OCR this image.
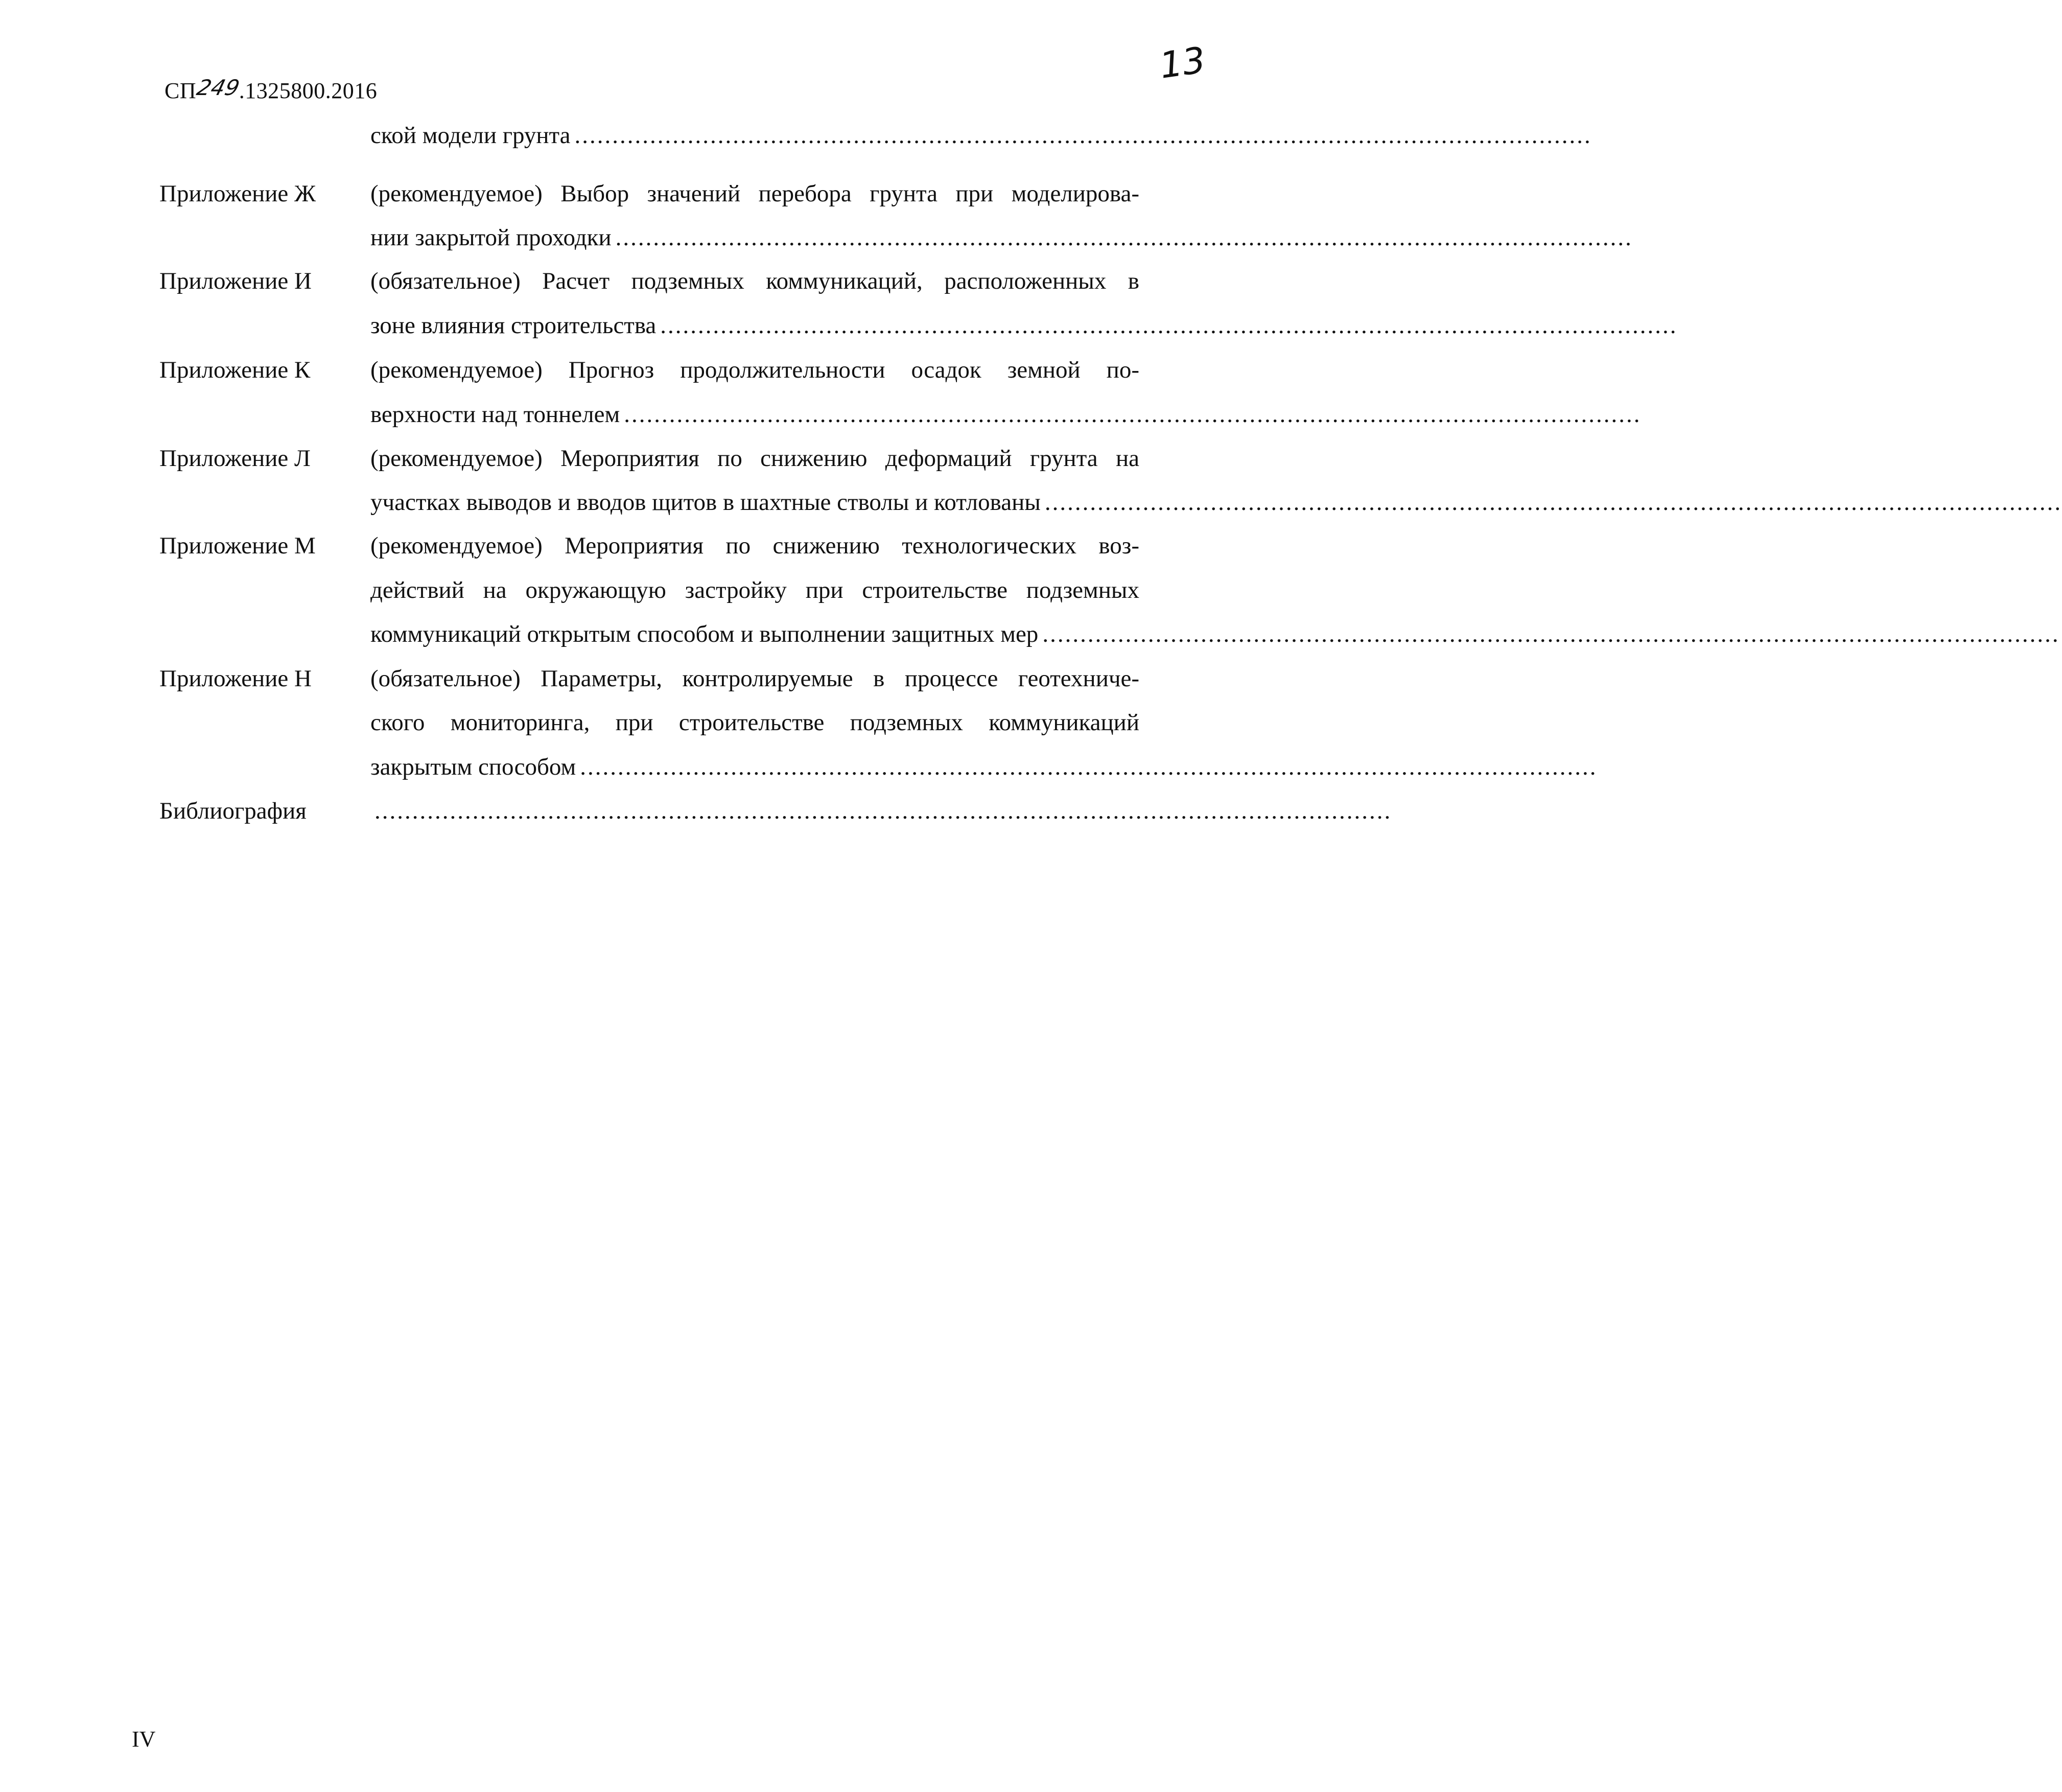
СП249.1325800.2016
13
ской модели грунта .......................................................................................................................................
Приложение Ж (рекомендуемое) Выбор значений перебора грунта при моделирова-
нии закрытой проходки .......................................................................................................................................
Приложение И (обязательное) Расчет подземных коммуникаций, расположенных в
зоне влияния строительства .......................................................................................................................................
Приложение К	(рекомендуемое) Прогноз продолжительности осадок земной по-
верхности над тоннелем .......................................................................................................................................
Приложение Л (рекомендуемое) Мероприятия по снижению деформаций грунта на
участках выводов и вводов щитов в шахтные стволы и котлованы .......................................................................................................................................
Приложение М (рекомендуемое) Мероприятия по снижению технологических воз-
действий на окружающую застройку при строительстве подземных
коммуникаций открытым способом и выполнении защитных мер .......................................................................................................................................
Приложение Н (обязательное) Параметры, контролируемые в процессе геотехниче-
ского мониторинга, при строительстве подземных коммуникаций
закрытым способом .......................................................................................................................................
Библиография	.......................................................................................................................................
IV
